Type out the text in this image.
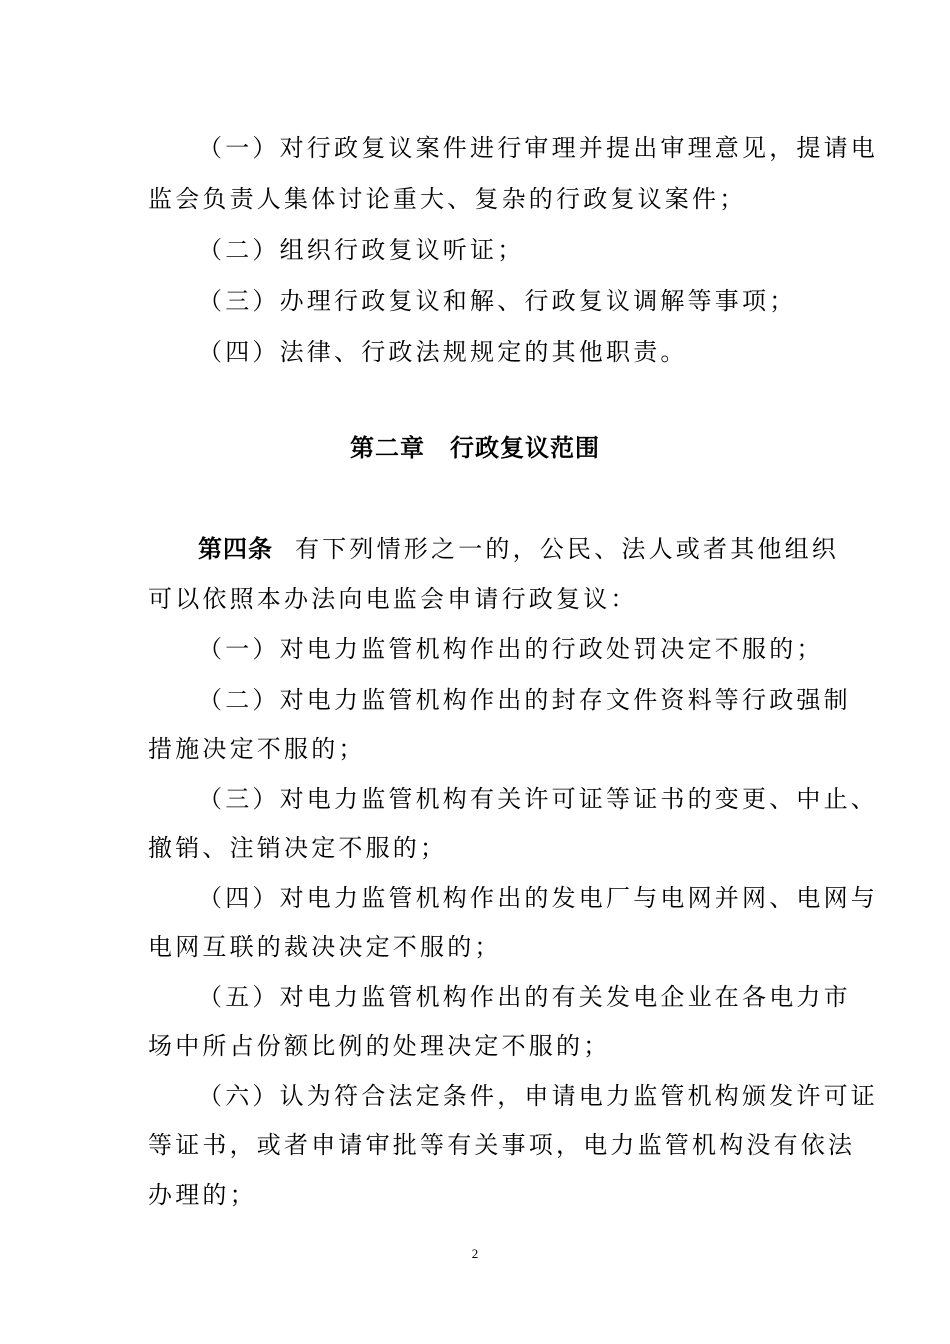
（一）对行政复议案件进行审理并提出审理意见，提请电
监会负责人集体讨论重大、复杂的行政复议案件；
（二）组织行政复议听证；
（三）办理行政复议和解、行政复议调解等事项；
（四）法律、行政法规规定的其他职责。
第二章　行政复议范围
第四条 有下列情形之一的，公民、法人或者其他组织
可以依照本办法向电监会申请行政复议：
（一）对电力监管机构作出的行政处罚决定不服的；
（二）对电力监管机构作出的封存文件资料等行政强制
措施决定不服的；
（三）对电力监管机构有关许可证等证书的变更、中止、
撤销、注销决定不服的；
（四）对电力监管机构作出的发电厂与电网并网、电网与
电网互联的裁决决定不服的；
（五）对电力监管机构作出的有关发电企业在各电力市
场中所占份额比例的处理决定不服的；
（六）认为符合法定条件，申请电力监管机构颁发许可证
等证书，或者申请审批等有关事项，电力监管机构没有依法
办理的；
2
